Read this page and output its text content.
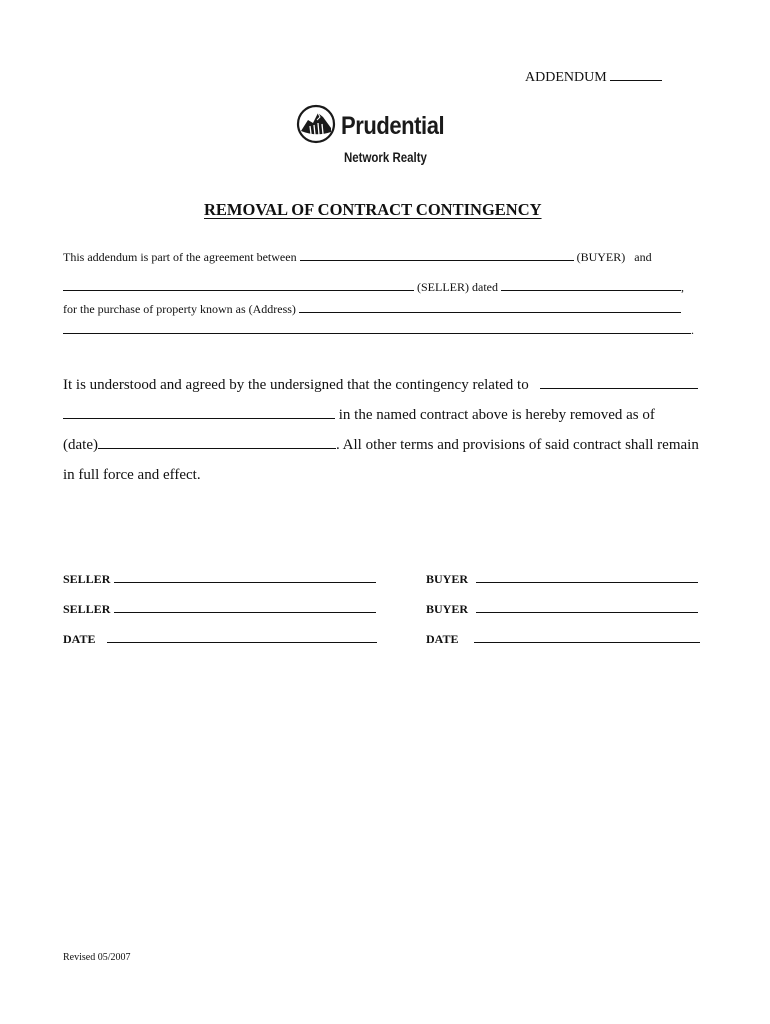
ADDENDUM
Prudential
Network Realty
REMOVAL OF CONTRACT CONTINGENCY
This addendum is part of the agreement between	(BUYER) and
(SELLER) dated	,
for the purchase of property known as (Address)
.
It is understood and agreed by the undersigned that the contingency related to
in the named contract above is hereby removed as of
(date)	. All other terms and provisions of said contract shall remain
in full force and effect.
SELLER
SELLER
DATE
BUYER
BUYER
DATE
Revised 05/2007
